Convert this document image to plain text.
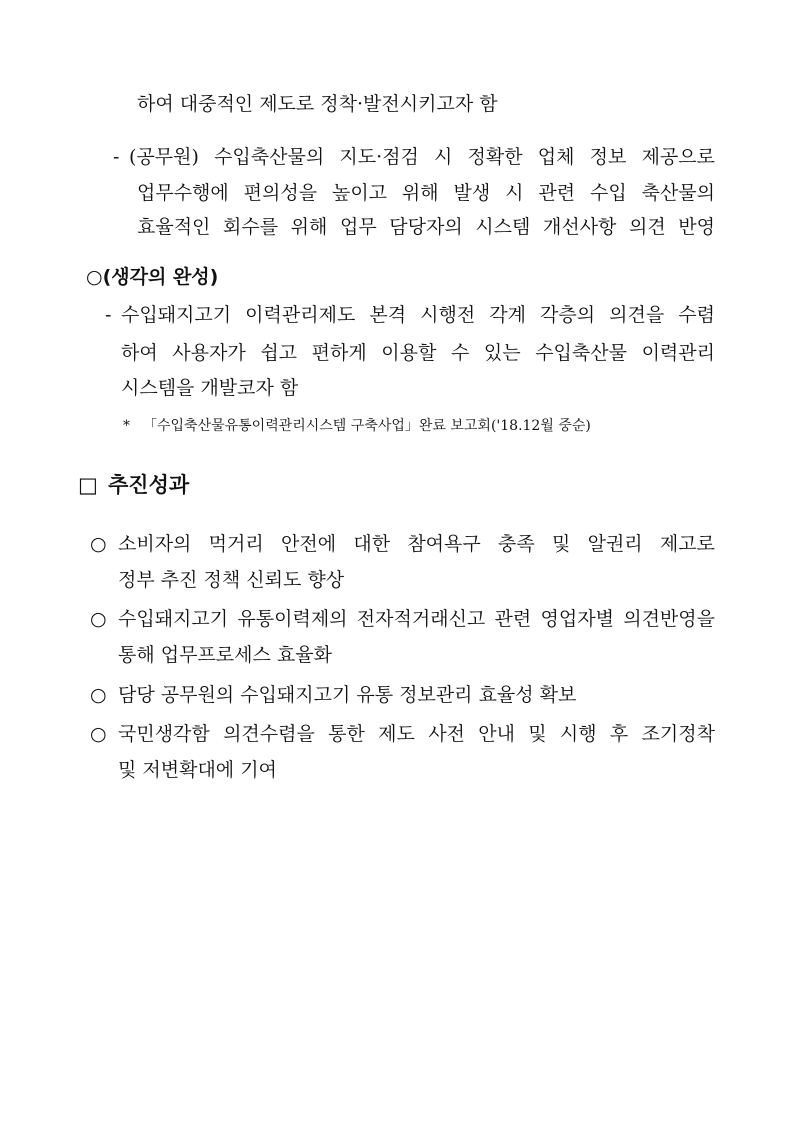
하여 대중적인 제도로 정착·발전시키고자 함
- (공무원) 수입축산물의 지도·점검 시 정확한 업체 정보 제공으로
업무수행에 편의성을 높이고 위해 발생 시 관련 수입 축산물의
효율적인 회수를 위해 업무 담당자의 시스템 개선사항 의견 반영
○(생각의 완성)
- 수입돼지고기 이력관리제도 본격 시행전 각계 각층의 의견을 수렴
하여 사용자가 쉽고 편하게 이용할 수 있는 수입축산물 이력관리
시스템을 개발코자 함
* 「수입축산물유통이력관리시스템 구축사업」완료 보고회('18.12월 중순)
□ 추진성과
○ 소비자의 먹거리 안전에 대한 참여욕구 충족 및 알권리 제고로
정부 추진 정책 신뢰도 향상
○ 수입돼지고기 유통이력제의 전자적거래신고 관련 영업자별 의견반영을
통해 업무프로세스 효율화
○ 담당 공무원의 수입돼지고기 유통 정보관리 효율성 확보
○ 국민생각함 의견수렴을 통한 제도 사전 안내 및 시행 후 조기정착
및 저변확대에 기여
